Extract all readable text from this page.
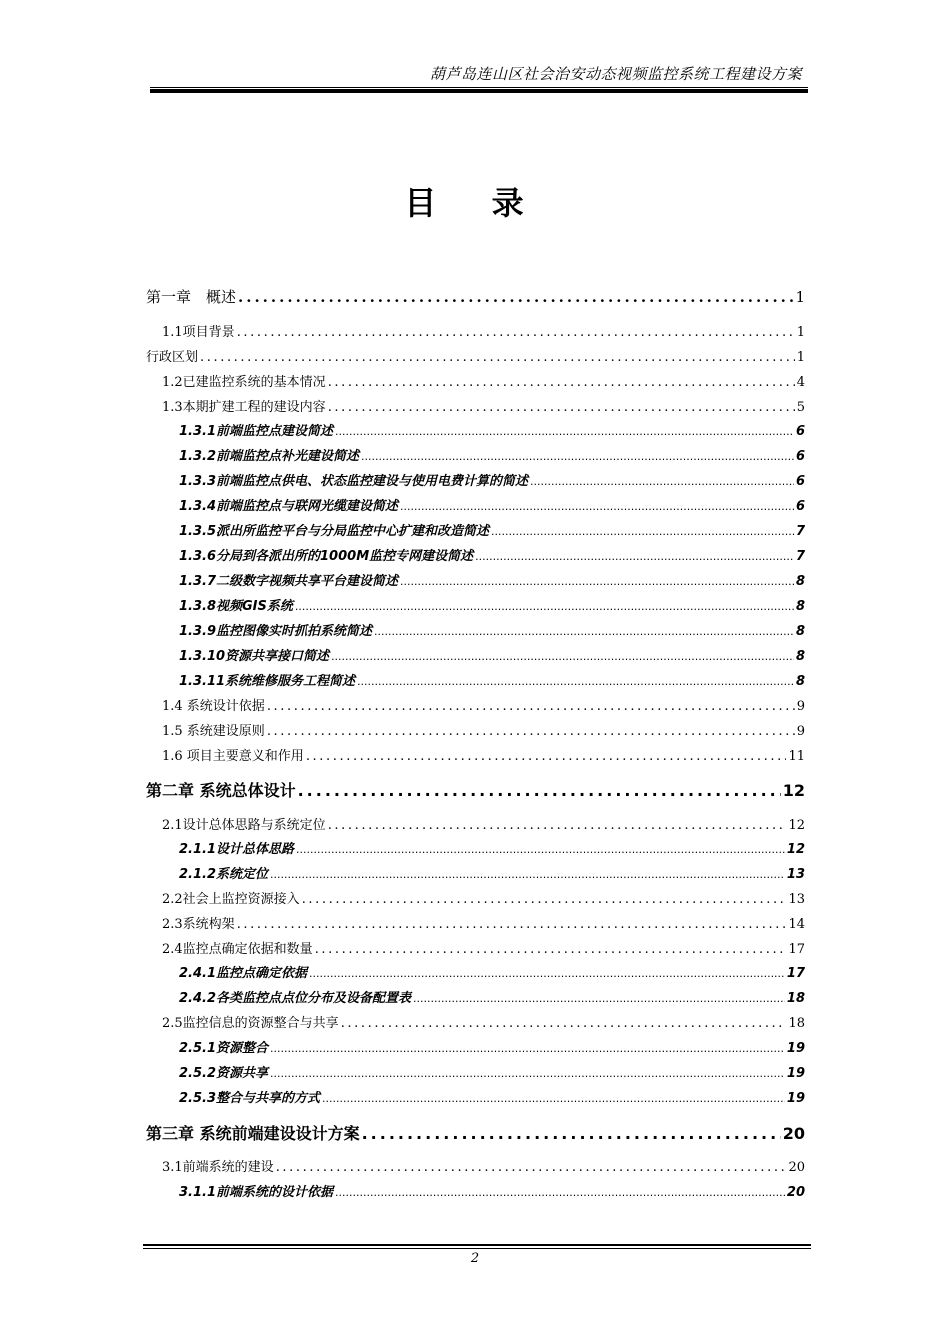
葫芦岛连山区社会治安动态视频监控系统工程建设方案
目 录
第一章　概述 .....	1
1.1项目背景 .....	1
行政区划 .....	1
1.2已建监控系统的基本情况 .....	4
1.3本期扩建工程的建设内容 .....	5
1.3.1前端监控点建设简述 .....	6
1.3.2前端监控点补光建设简述 .....	6
1.3.3前端监控点供电、状态监控建设与使用电费计算的简述 .....	6
1.3.4前端监控点与联网光缆建设简述 .....	6
1.3.5派出所监控平台与分局监控中心扩建和改造简述 .....	7
1.3.6分局到各派出所的1000M监控专网建设简述 .....	7
1.3.7二级数字视频共享平台建设简述 .....	8
1.3.8视频GIS系统 .....	8
1.3.9监控图像实时抓拍系统简述 .....	8
1.3.10资源共享接口简述 .....	8
1.3.11系统维修服务工程简述 .....	8
1.4 系统设计依据 .....	9
1.5 系统建设原则 .....	9
1.6 项目主要意义和作用 .....	11
第二章 系统总体设计 .....	12
2.1设计总体思路与系统定位 .....	12
2.1.1设计总体思路 .....	12
2.1.2系统定位 .....	13
2.2社会上监控资源接入 .....	13
2.3系统构架 .....	14
2.4监控点确定依据和数量 .....	17
2.4.1监控点确定依据 .....	17
2.4.2各类监控点点位分布及设备配置表 .....	18
2.5监控信息的资源整合与共享 .....	18
2.5.1资源整合 .....	19
2.5.2资源共享 .....	19
2.5.3整合与共享的方式 .....	19
第三章 系统前端建设设计方案 .....	20
3.1前端系统的建设 .....	20
3.1.1前端系统的设计依据 .....	20
2
